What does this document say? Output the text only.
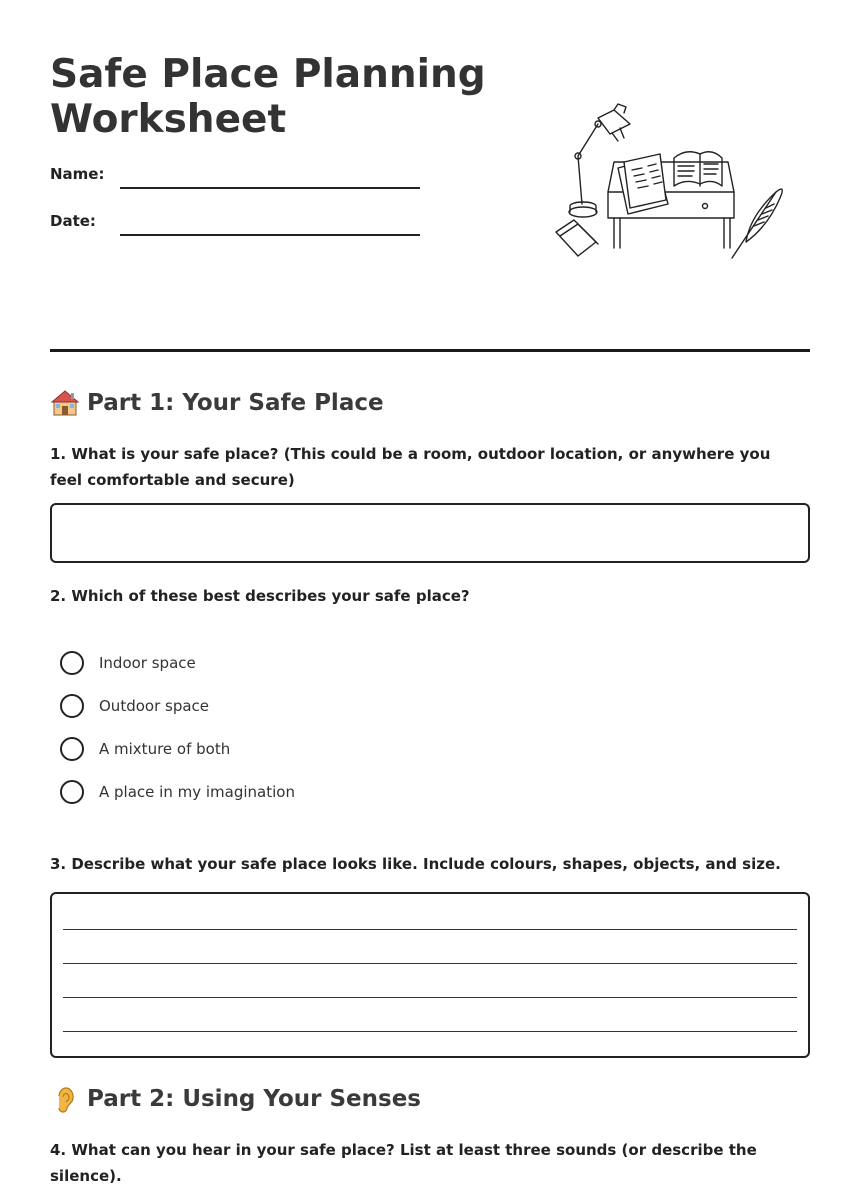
Safe Place Planning Worksheet
Name:
Date:
Part 1: Your Safe Place

1. What is your safe place? (This could be a room, outdoor location, or anywhere you feel comfortable and secure)

2. Which of these best describes your safe place?

Indoor space
Outdoor space
A mixture of both
A place in my imagination

3. Describe what your safe place looks like. Include colours, shapes, objects, and size.

Part 2: Using Your Senses

4. What can you hear in your safe place? List at least three sounds (or describe the silence).
